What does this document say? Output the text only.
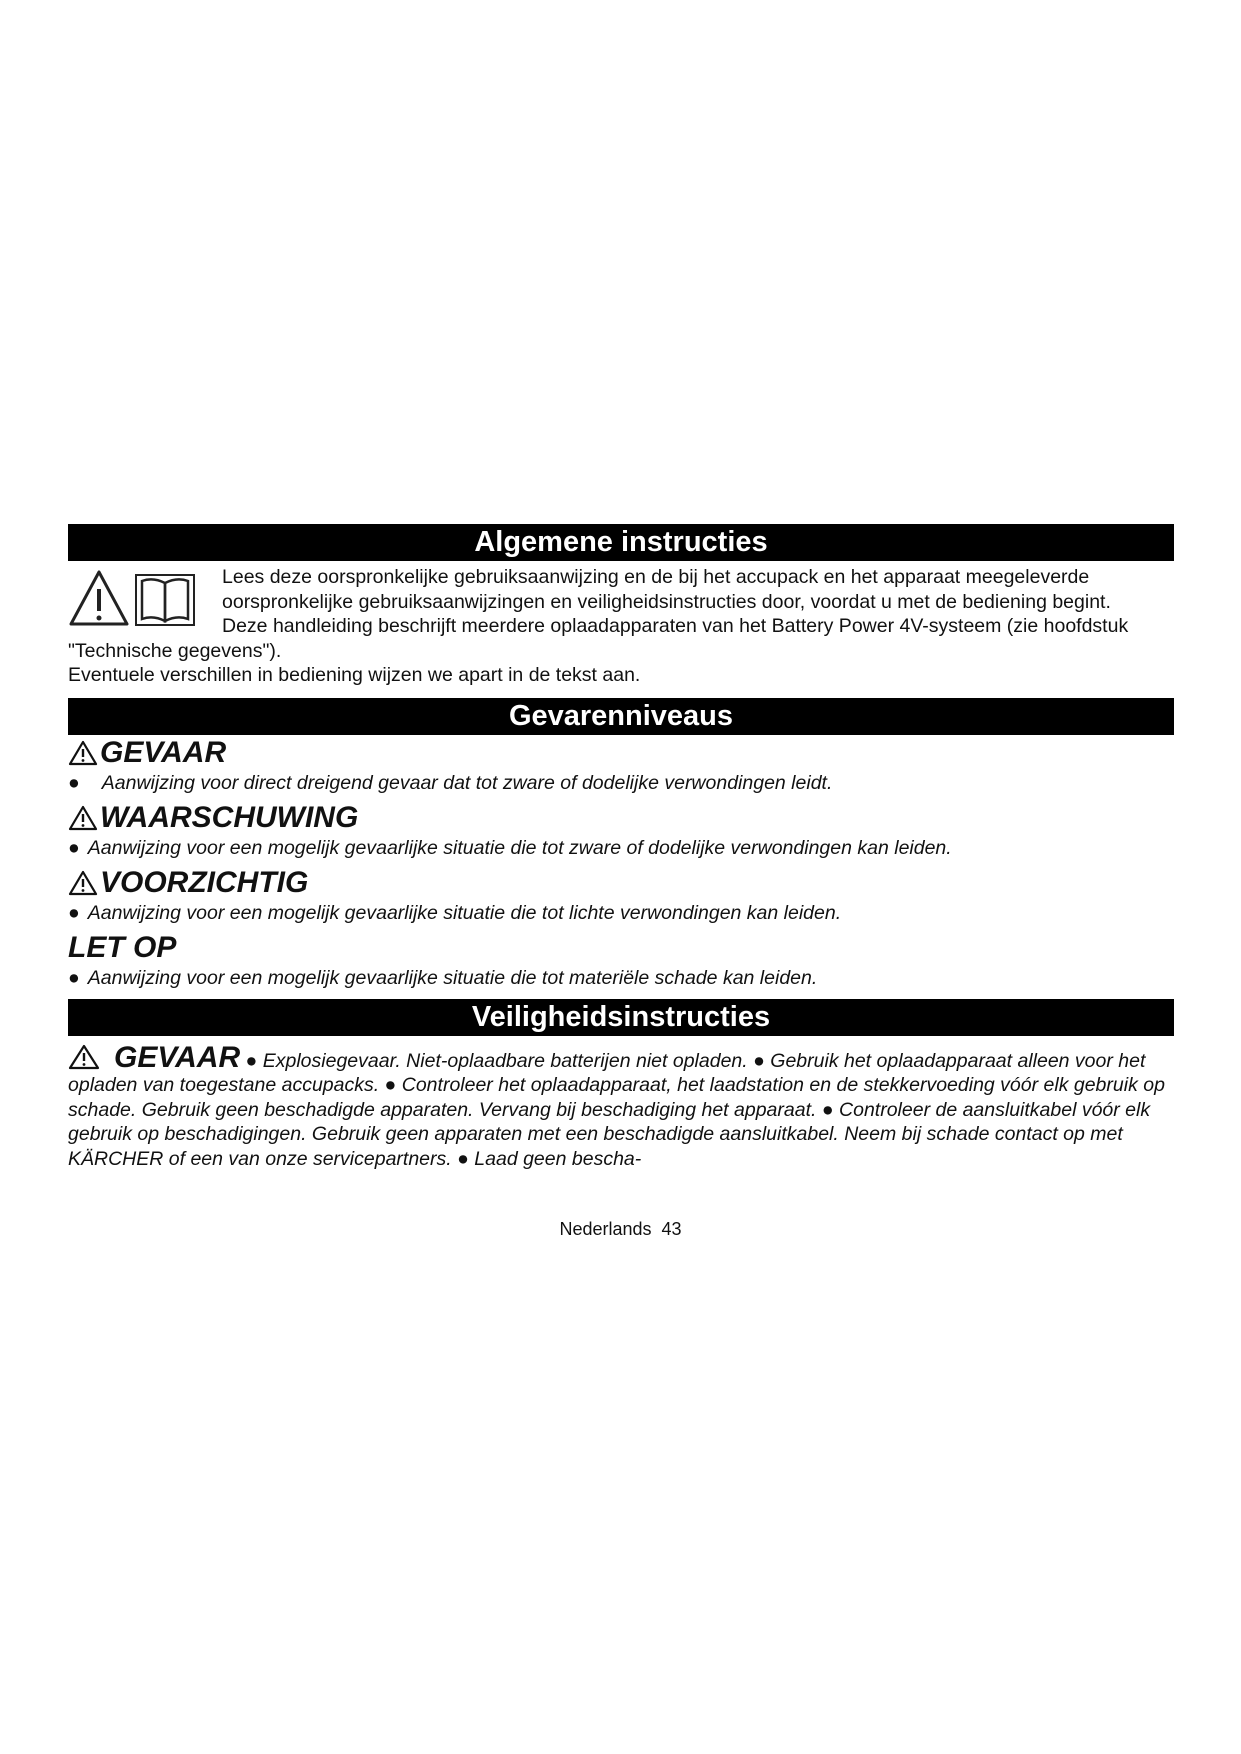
Algemene instructies

Lees deze oorspronkelijke gebruiksaanwijzing en de bij het accupack en het apparaat meegeleverde oorspronkelijke gebruiksaanwijzingen en veiligheidsinstructies door, voordat u met de bediening begint.

Deze handleiding beschrijft meerdere oplaadapparaten van het Battery Power 4V-systeem (zie hoofdstuk "Technische gegevens").

Eventuele verschillen in bediening wijzen we apart in de tekst aan.

Gevarenniveaus
GEVAAR

● Aanwijzing voor direct dreigend gevaar dat tot zware of dodelijke verwondingen leidt.

WAARSCHUWING

● Aanwijzing voor een mogelijk gevaarlijke situatie die tot zware of dodelijke verwondingen kan leiden.

VOORZICHTIG

● Aanwijzing voor een mogelijk gevaarlijke situatie die tot lichte verwondingen kan leiden.

LET OP

● Aanwijzing voor een mogelijk gevaarlijke situatie die tot materiële schade kan leiden.

Veiligheidsinstructies

GEVAAR ● Explosiegevaar. Niet-oplaadbare batterijen niet opladen. ● Gebruik het oplaadapparaat alleen voor het opladen van toegestane accupacks. ● Controleer het oplaadapparaat, het laadstation en de stekkervoeding vóór elk gebruik op schade. Gebruik geen beschadigde apparaten. Vervang bij beschadiging het apparaat. ● Controleer de aansluitkabel vóór elk gebruik op beschadigingen. Gebruik geen apparaten met een beschadigde aansluitkabel. Neem bij schade contact op met KÄRCHER of een van onze servicepartners. ● Laad geen bescha-

Nederlands 43
